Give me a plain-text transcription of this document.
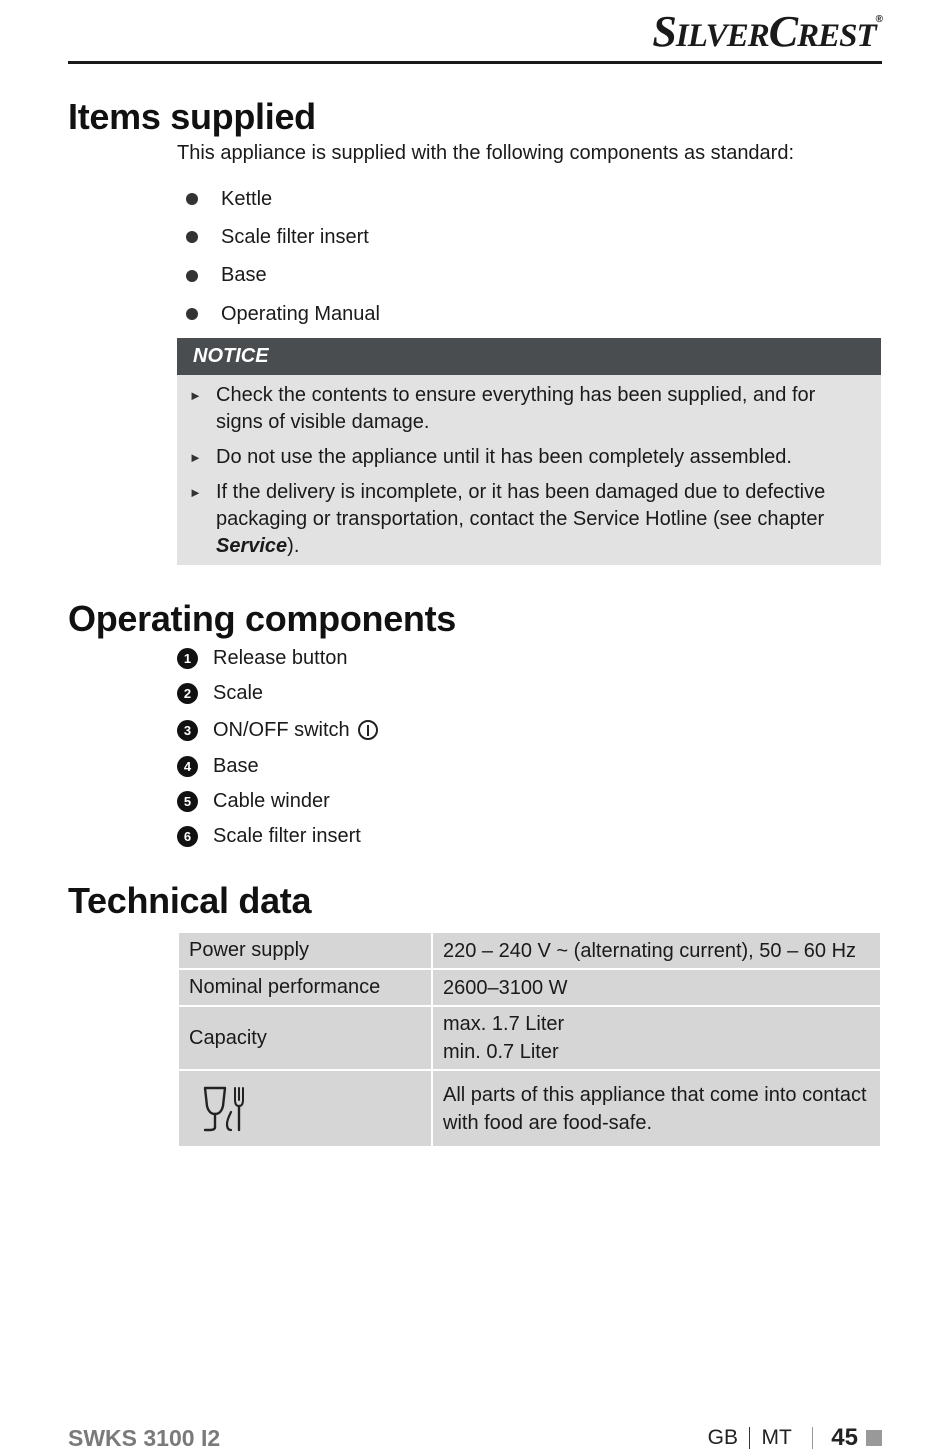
SILVERCREST®
Items supplied
This appliance is supplied with the following components as standard:
Kettle
Scale filter insert
Base
Operating Manual
NOTICE
► Check the contents to ensure everything has been supplied, and for signs of visible damage.
► Do not use the appliance until it has been completely assembled.
► If the delivery is incomplete, or it has been damaged due to defective packaging or transportation, contact the Service Hotline (see chapter Service).
Operating components
1	Release button
2	Scale
3	ON/OFF switch
4	Base
5	Cable winder
6	Scale filter insert
Technical data
Power supply	220 – 240 V ~ (alternating current), 50 – 60 Hz
Nominal performance	2600–3100 W
Capacity	max. 1.7 Liter
min. 0.7 Liter

	All parts of this appliance that come into contact with food are food-safe.
SWKS 3100 I2	GB MT 45
